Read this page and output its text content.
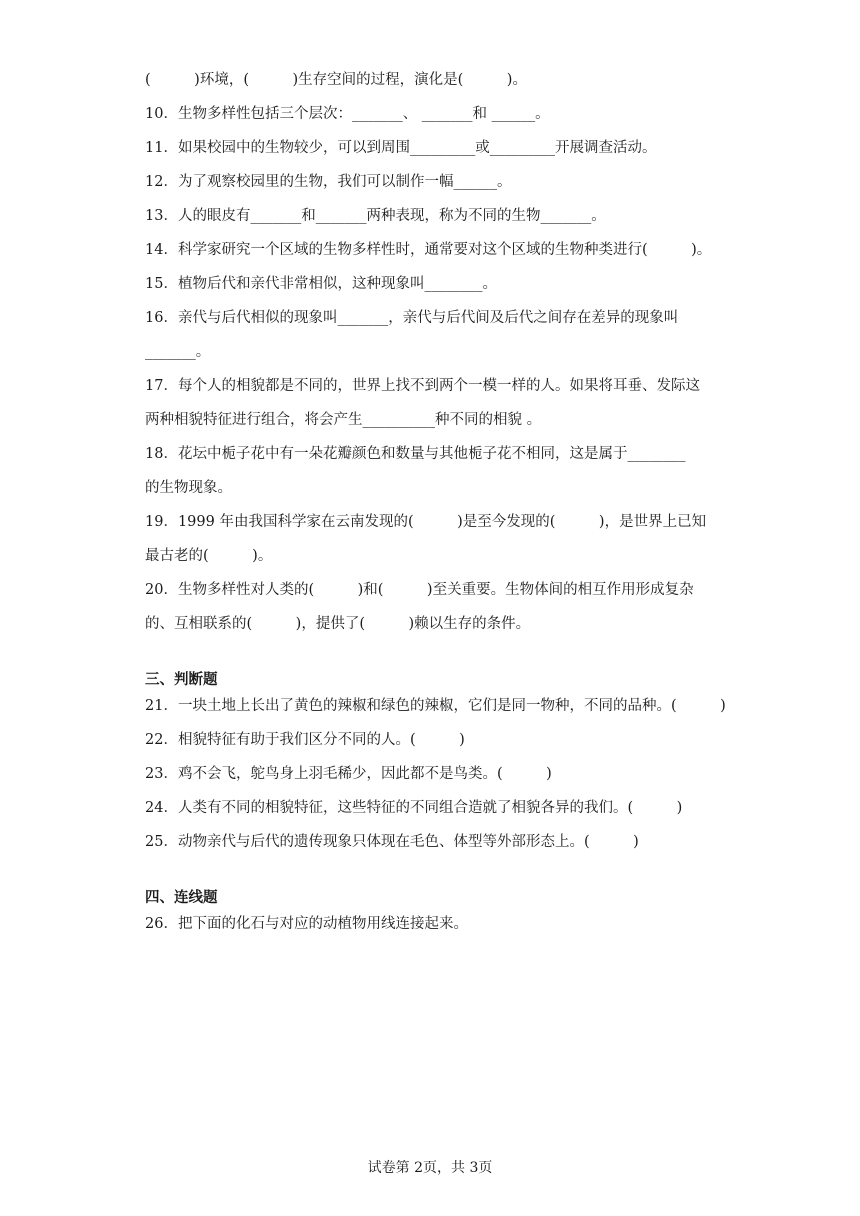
(　　　)环境，(　　　)生存空间的过程，演化是(　　　)。
10．生物多样性包括三个层次：_______、 _______和 ______。
11．如果校园中的生物较少，可以到周围_________或_________开展调查活动。
12．为了观察校园里的生物，我们可以制作一幅______。
13．人的眼皮有_______和_______两种表现，称为不同的生物_______。
14．科学家研究一个区域的生物多样性时，通常要对这个区域的生物种类进行(　　　)。
15．植物后代和亲代非常相似，这种现象叫________。
16．亲代与后代相似的现象叫_______，亲代与后代间及后代之间存在差异的现象叫
_______。
17．每个人的相貌都是不同的，世界上找不到两个一模一样的人。如果将耳垂、发际这
两种相貌特征进行组合，将会产生__________种不同的相貌 。
18．花坛中栀子花中有一朵花瓣颜色和数量与其他栀子花不相同，这是属于________
的生物现象。
19．1999 年由我国科学家在云南发现的(　　　)是至今发现的(　　　)，是世界上已知
最古老的(　　　)。
20．生物多样性对人类的(　　　)和(　　　)至关重要。生物体间的相互作用形成复杂
的、互相联系的(　　　)，提供了(　　　)赖以生存的条件。
三、判断题
21．一块土地上长出了黄色的辣椒和绿色的辣椒，它们是同一物种，不同的品种。(　　　)
22．相貌特征有助于我们区分不同的人。(　　　)
23．鸡不会飞，鸵鸟身上羽毛稀少，因此都不是鸟类。(　　　)
24．人类有不同的相貌特征，这些特征的不同组合造就了相貌各异的我们。(　　　)
25．动物亲代与后代的遗传现象只体现在毛色、体型等外部形态上。(　　　)
四、连线题
26．把下面的化石与对应的动植物用线连接起来。
试卷第 2页，共 3页
